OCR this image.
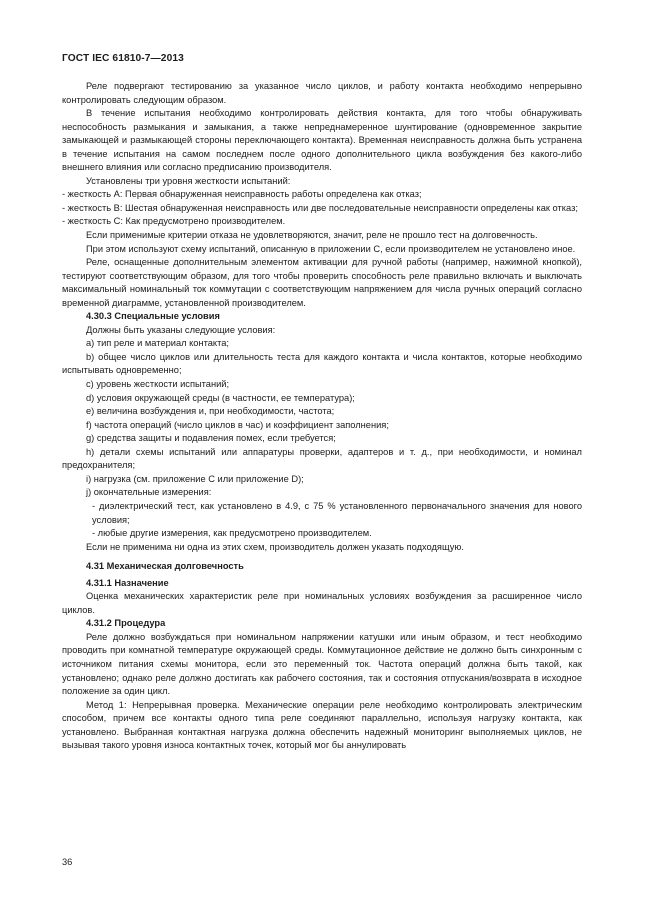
ГОСТ IEC 61810-7—2013

Реле подвергают тестированию за указанное число циклов, и работу контакта необходимо непрерывно контролировать следующим образом.

В течение испытания необходимо контролировать действия контакта, для того чтобы обнаруживать неспособность размыкания и замыкания, а также непреднамеренное шунтирование (одновременное закрытие замыкающей и размыкающей стороны переключающего контакта). Временная неисправность должна быть устранена в течение испытания на самом последнем после одного дополнительного цикла возбуждения без какого-либо внешнего влияния или согласно предписанию производителя.

Установлены три уровня жесткости испытаний:

- жесткость А: Первая обнаруженная неисправность работы определена как отказ;

- жесткость В: Шестая обнаруженная неисправность или две последовательные неисправности определены как отказ;

- жесткость С: Как предусмотрено производителем.

Если применимые критерии отказа не удовлетворяются, значит, реле не прошло тест на долговечность.

При этом используют схему испытаний, описанную в приложении С, если производителем не установлено иное.

Реле, оснащенные дополнительным элементом активации для ручной работы (например, нажимной кнопкой), тестируют соответствующим образом, для того чтобы проверить способность реле правильно включать и выключать максимальный номинальный ток коммутации с соответствующим напряжением для числа ручных операций согласно временной диаграмме, установленной производителем.

4.30.3 Специальные условия

Должны быть указаны следующие условия:

a) тип реле и материал контакта;

b) общее число циклов или длительность теста для каждого контакта и числа контактов, которые необходимо испытывать одновременно;

c) уровень жесткости испытаний;

d) условия окружающей среды (в частности, ее температура);

e) величина возбуждения и, при необходимости, частота;

f) частота операций (число циклов в час) и коэффициент заполнения;

g) средства защиты и подавления помех, если требуется;

h) детали схемы испытаний или аппаратуры проверки, адаптеров и т. д., при необходимости, и номинал предохранителя;

i) нагрузка (см. приложение С или приложение D);

j) окончательные измерения:

- диэлектрический тест, как установлено в 4.9, с 75 % установленного первоначального значения для нового условия;

- любые другие измерения, как предусмотрено производителем.

Если не применима ни одна из этих схем, производитель должен указать подходящую.

4.31 Механическая долговечность

4.31.1 Назначение

Оценка механических характеристик реле при номинальных условиях возбуждения за расширенное число циклов.

4.31.2 Процедура

Реле должно возбуждаться при номинальном напряжении катушки или иным образом, и тест необходимо проводить при комнатной температуре окружающей среды. Коммутационное действие не должно быть синхронным с источником питания схемы монитора, если это переменный ток. Частота операций должна быть такой, как установлено; однако реле должно достигать как рабочего состояния, так и состояния отпускания/возврата в исходное положение за один цикл.

Метод 1: Непрерывная проверка. Механические операции реле необходимо контролировать электрическим способом, причем все контакты одного типа реле соединяют параллельно, используя нагрузку контакта, как установлено. Выбранная контактная нагрузка должна обеспечить надежный мониторинг выполняемых циклов, не вызывая такого уровня износа контактных точек, который мог бы аннулировать

36
